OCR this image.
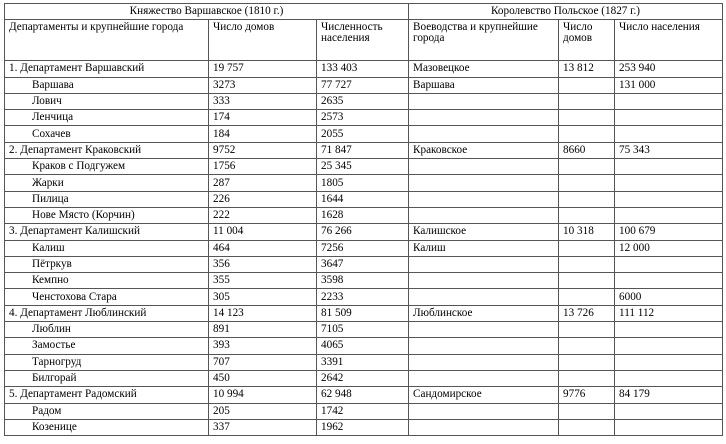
Княжество Варшавское (1810 г.)			Королевство Польское (1827 г.)		
Департаменты и крупнейшие города	Число домов	Численность населения	Воеводства и крупнейшие города	Число домов	Число населения
1. Департамент Варшавский	19 757	133 403	Мазовецкое	13 812	253 940
Варшава	3273	77 727	Варшава		131 000
Лович	333	2635			
Ленчица	174	2573			
Сохачев	184	2055			
2. Департамент Краковский	9752	71 847	Краковское	8660	75 343
Краков с Подгужем	1756	25 345			
Жарки	287	1805			
Пилица	226	1644			
Нове Място (Корчин)	222	1628			
3. Департамент Калишский	11 004	76 266	Калишское	10 318	100 679
Калиш	464	7256	Калиш		12 000
Пётркув	356	3647			
Кемпно	355	3598			
Ченстохова Стара	305	2233			6000
4. Департамент Люблинский	14 123	81 509	Люблинское	13 726	111 112
Люблин	891	7105			
Замостье	393	4065			
Тарногруд	707	3391			
Билгорай	450	2642			
5. Департамент Радомский	10 994	62 948	Сандомирское	9776	84 179
Радом	205	1742			
Козенице	337	1962			
